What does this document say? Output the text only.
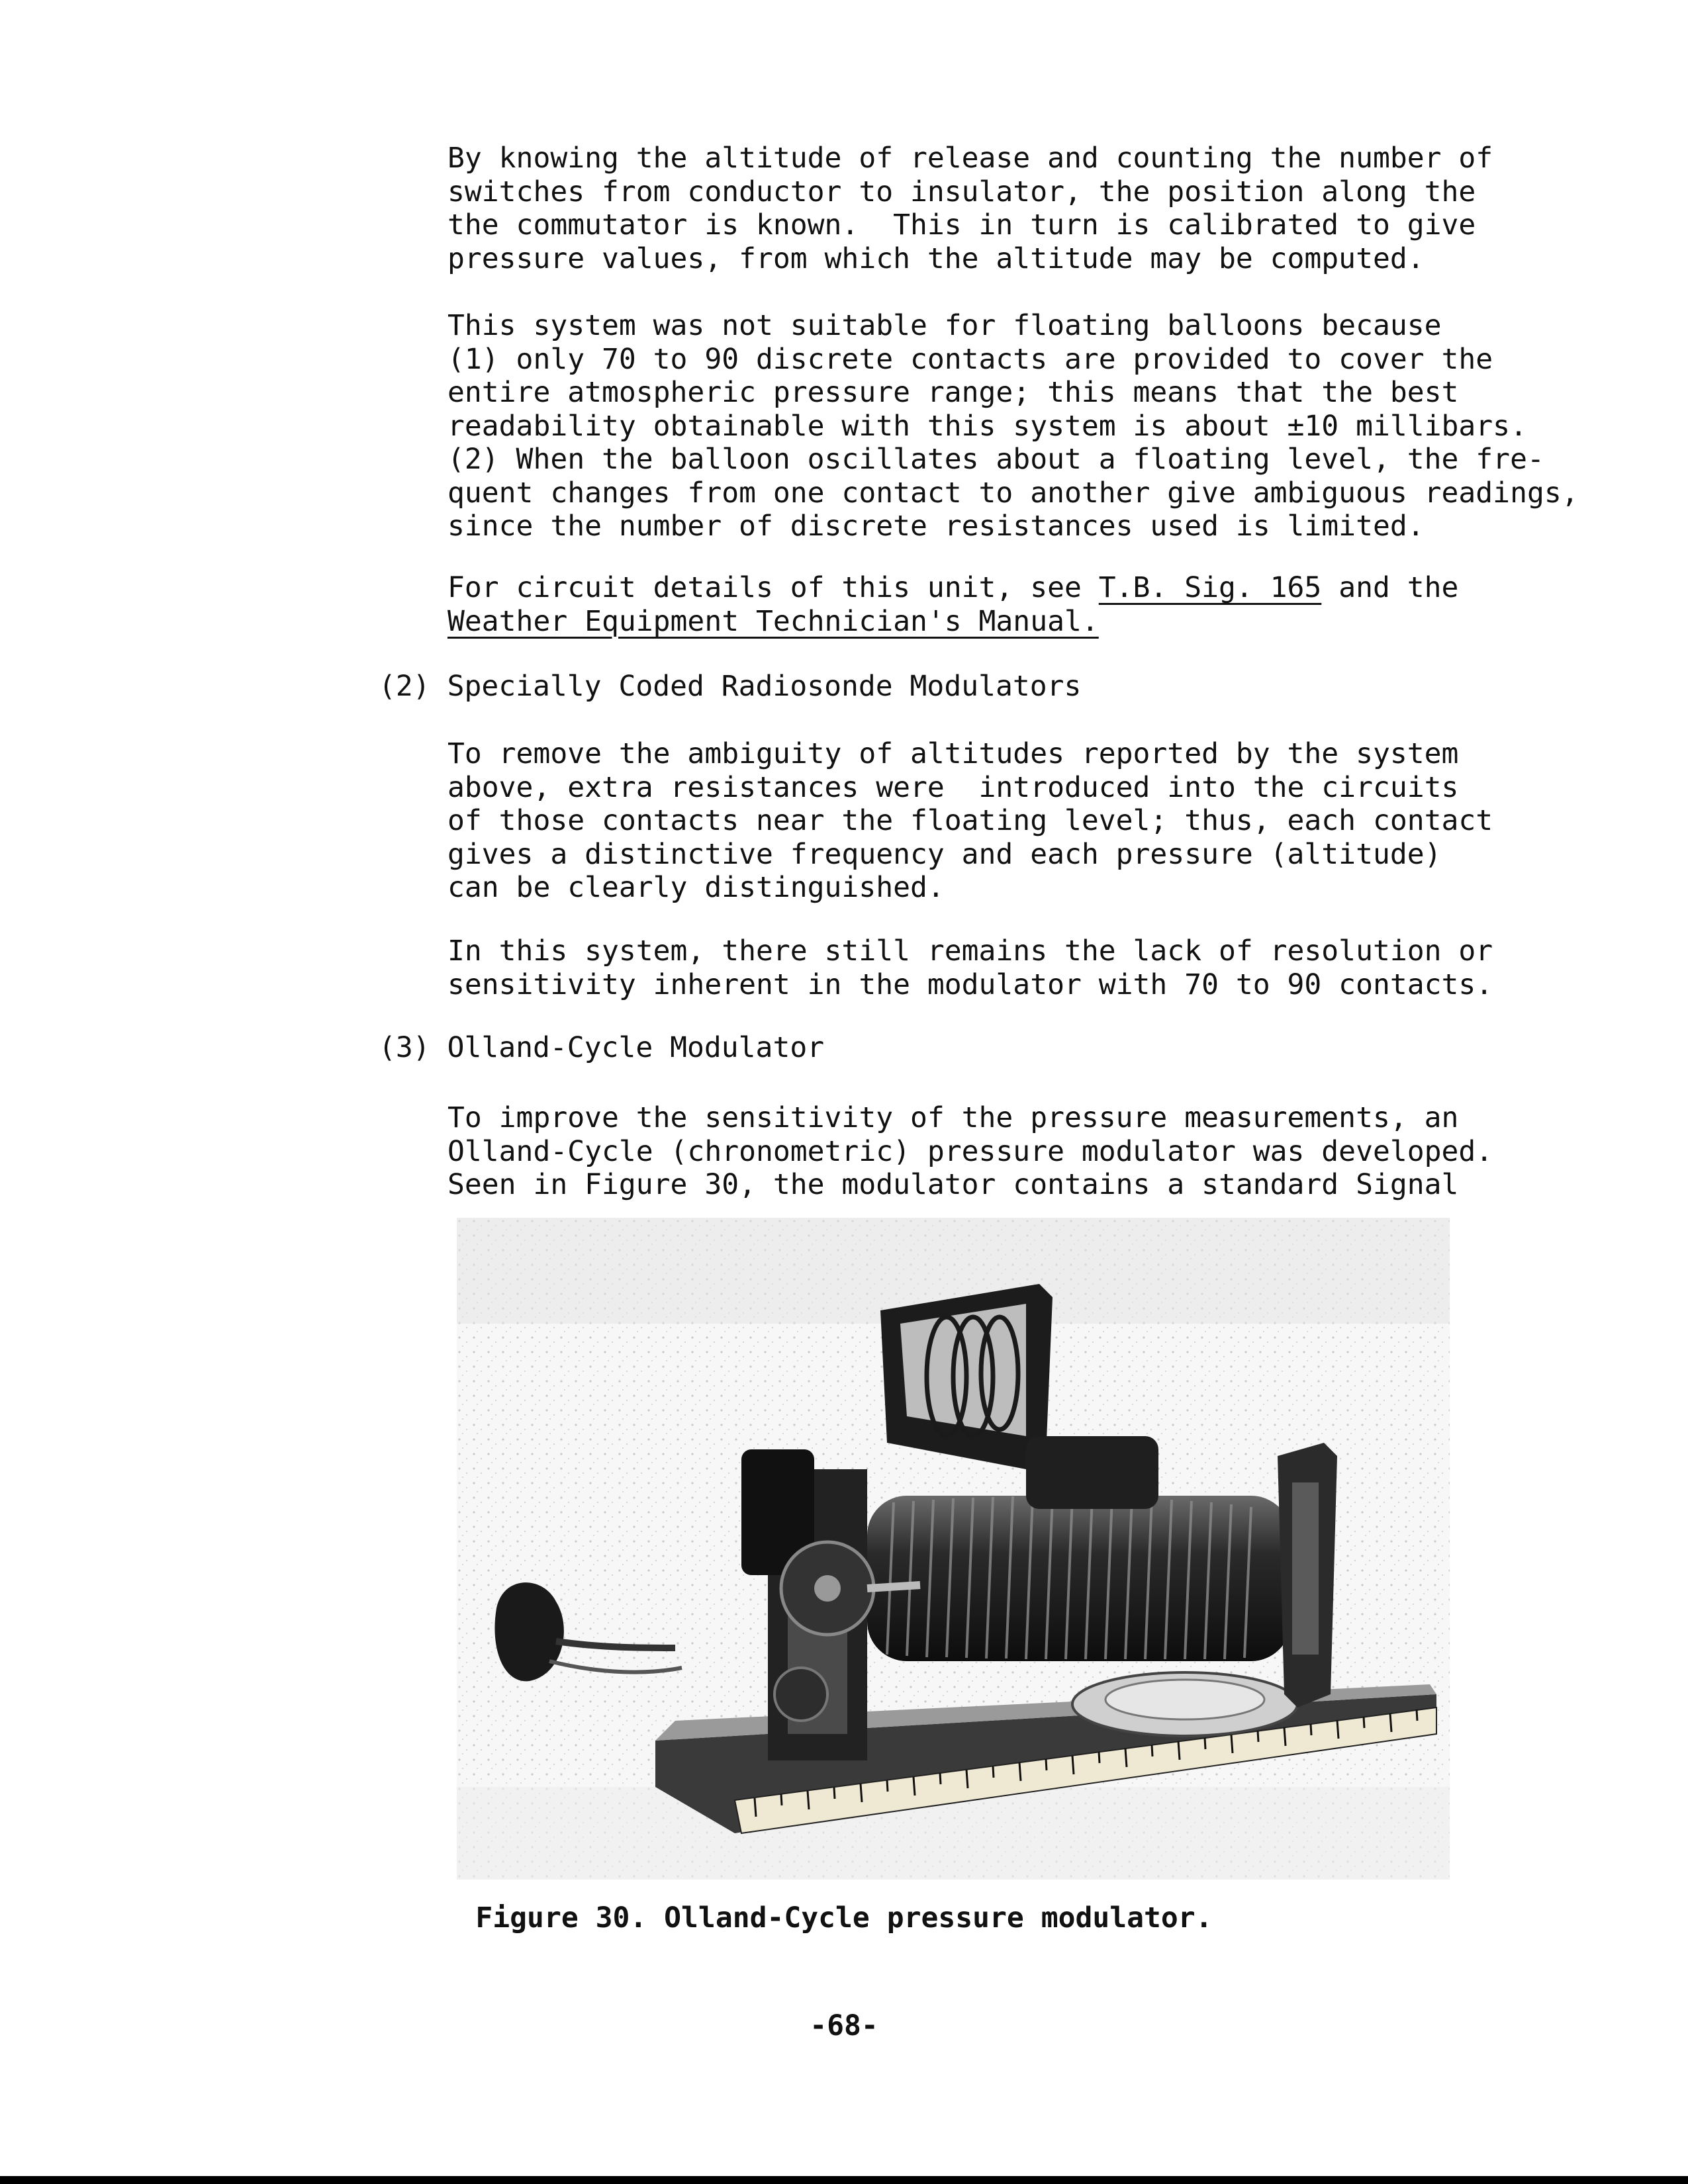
By knowing the altitude of release and counting the number of
switches from conductor to insulator, the position along the
the commutator is known.  This in turn is calibrated to give
pressure values, from which the altitude may be computed.
This system was not suitable for floating balloons because
(1) only 70 to 90 discrete contacts are provided to cover the
entire atmospheric pressure range; this means that the best
readability obtainable with this system is about ±10 millibars.
(2) When the balloon oscillates about a floating level, the fre-
quent changes from one contact to another give ambiguous readings,
since the number of discrete resistances used is limited.
For circuit details of this unit, see T.B. Sig. 165 and the
Weather Equipment Technician's Manual.
(2) Specially Coded Radiosonde Modulators
To remove the ambiguity of altitudes reported by the system
above, extra resistances were  introduced into the circuits
of those contacts near the floating level; thus, each contact
gives a distinctive frequency and each pressure (altitude)
can be clearly distinguished.
In this system, there still remains the lack of resolution or
sensitivity inherent in the modulator with 70 to 90 contacts.
(3) Olland-Cycle Modulator
To improve the sensitivity of the pressure measurements, an
Olland-Cycle (chronometric) pressure modulator was developed.
Seen in Figure 30, the modulator contains a standard Signal
Figure 30. Olland-Cycle pressure modulator.
-68-
